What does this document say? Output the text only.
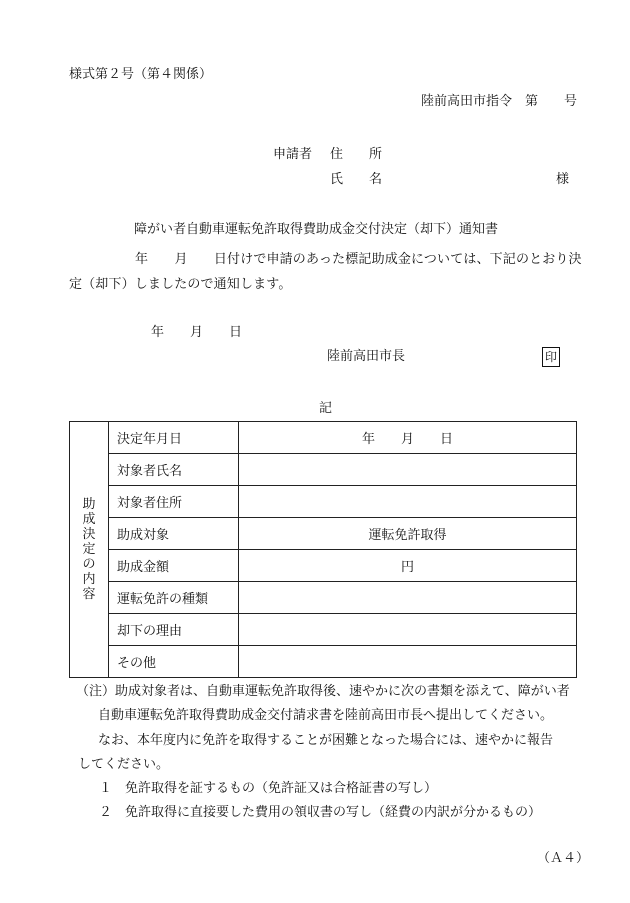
様式第２号（第４関係）
陸前高田市指令　第　　号
申請者 住　　所
氏　　名	様
障がい者自動車運転免許取得費助成金交付決定（却下）通知書
年　　月　　日付けで申請のあった標記助成金については、下記のとおり決定（却下）しましたので通知します。
年　　月　　日
陸前高田市長	印
記
助成決定の内容	決定年月日	年　　月　　日
	対象者氏名	
	対象者住所	
	助成対象	運転免許取得
	助成金額	円
	運転免許の種類	
	却下の理由	
	その他	
（注）助成対象者は、自動車運転免許取得後、速やかに次の書類を添えて、障がい者
自動車運転免許取得費助成金交付請求書を陸前高田市長へ提出してください。
なお、本年度内に免許を取得することが困難となった場合には、速やかに報告
してください。
１　免許取得を証するもの（免許証又は合格証書の写し）
２　免許取得に直接要した費用の領収書の写し（経費の内訳が分かるもの）
（Ａ４）
